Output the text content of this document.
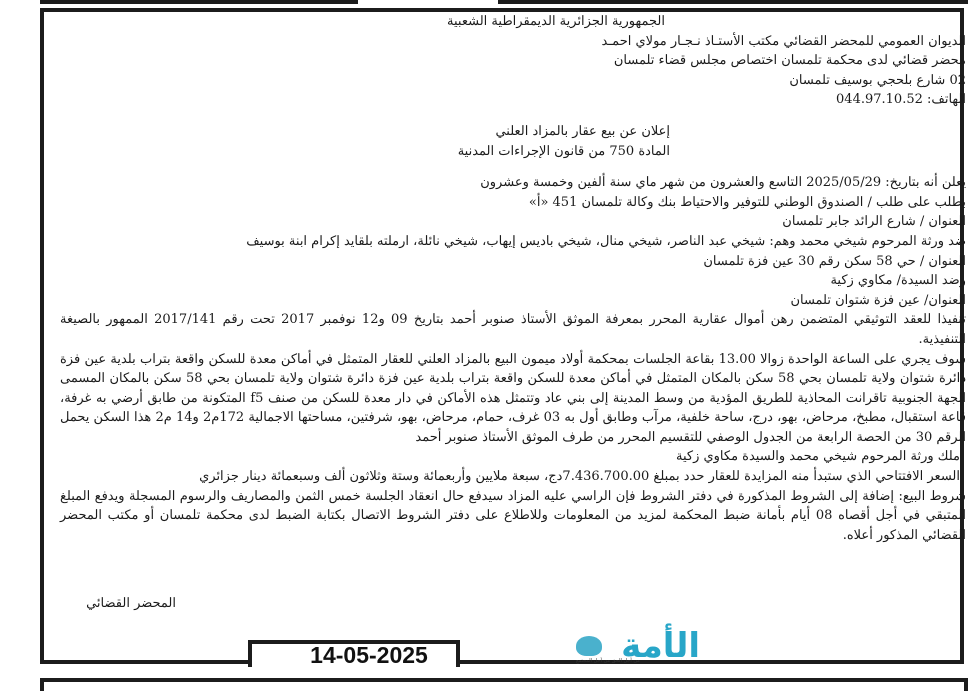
الجمهورية الجزائرية الديمقراطية الشعبية

الديوان العمومي للمحضر القضائي مكتب الأستـاذ نـجـار مولاي احمـد

محضر قضائي لدى محكمة تلمسان اختصاص مجلس قضاء تلمسان

02 شارع بلحجي بوسيف تلمسان

الهاتف: 044.97.10.52

إعلان عن بيع عقار بالمزاد العلني

المادة 750 من قانون الإجراءات المدنية

يعلن أنه بتاريخ: 2025/05/29 التاسع والعشرون من شهر ماي سنة ألفين وخمسة وعشرون

بطلب على طلب / الصندوق الوطني للتوفير والاحتياط بنك وكالة تلمسان 451 «أ»

العنوان / شارع الرائد جابر تلمسان

ضد ورثة المرحوم شيخي محمد وهم: شيخي عبد الناصر، شيخي منال، شيخي باديس إيهاب، شيخي نائلة، ارملته بلقايد إكرام ابنة بوسيف

العنوان / حي 58 سكن رقم 30 عين فزة تلمسان

وضد السيدة/ مكاوي زكية

العنوان/ عين فزة شتوان تلمسان

تنفيذا للعقد التوثيقي المتضمن رهن أموال عقارية المحرر بمعرفة الموثق الأستاذ صنوبر أحمد بتاريخ 09 و12 نوفمبر 2017 تحت رقم 2017/141 الممهور بالصيغة التنفيذية.

سوف يجري على الساعة الواحدة زوالا 13.00 بقاعة الجلسات بمحكمة أولاد ميمون البيع بالمزاد العلني للعقار المتمثل في أماكن معدة للسكن واقعة بتراب بلدية عين فزة دائرة شتوان ولاية تلمسان بحي 58 سكن بالمكان المتمثل في أماكن معدة للسكن واقعة بتراب بلدية عين فزة دائرة شتوان ولاية تلمسان بحي 58 سكن بالمكان المسمى الجهة الجنوبية تاقرانت المحاذية للطريق المؤدية من وسط المدينة إلى بني عاد وتتمثل هذه الأماكن في دار معدة للسكن من صنف f5 المتكونة من طابق أرضي به غرفة، قاعة استقبال، مطبخ، مرحاض، بهو، درج، ساحة خلفية، مرآب وطابق أول به 03 غرف، حمام، مرحاض، بهو، شرفتين، مساحتها الاجمالية 172م2 و14 م2 هذا السكن يحمل الرقم 30 من الحصة الرابعة من الجدول الوصفي للتقسيم المحرر من طرف الموثق الأستاذ صنوبر أحمد

ملك ورثة المرحوم شيخي محمد والسيدة مكاوي زكية

السعر الافتتاحي الذي ستبدأ منه المزايدة للعقار حدد بمبلغ 7.436.700.00دج، سبعة ملايين وأربعمائة وستة وثلاثون ألف وسبعمائة دينار جزائري

شروط البيع: إضافة إلى الشروط المذكورة في دفتر الشروط فإن الراسي عليه المزاد سيدفع حال انعقاد الجلسة خمس الثمن والمصاريف والرسوم المسجلة ويدفع المبلغ المتبقي في أجل أقصاه 08 أيام بأمانة ضبط المحكمة لمزيد من المعلومات وللاطلاع على دفتر الشروط الاتصال بكتابة الضبط لدى محكمة تلمسان أو مكتب المحضر القضائي المذكور أعلاه.

المحضر القضائي
14-05-2025	الأمة
من أجل الحق من أجل المجتمع
